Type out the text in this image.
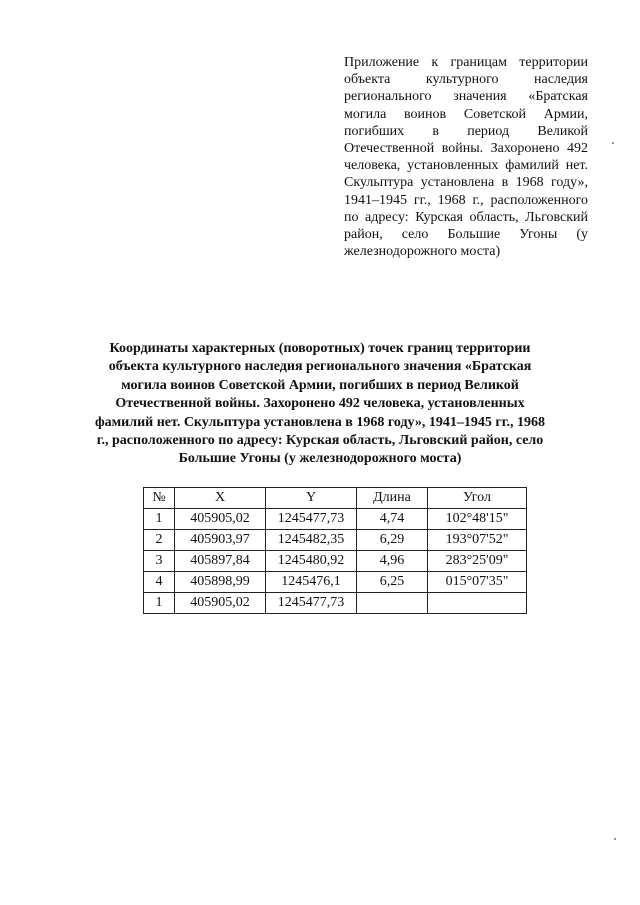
Приложение к границам территории объекта культурного наследия регионального значения «Братская могила воинов Советской Армии, погибших в период Великой Отечественной войны. Захоронено 492 человека, установленных фамилий нет. Скульптура установлена в 1968 году», 1941–1945 гг., 1968 г., расположенного по адресу: Курская область, Льговский район, село Большие Угоны (у железнодорожного моста)
Координаты характерных (поворотных) точек границ территории объекта культурного наследия регионального значения «Братская могила воинов Советской Армии, погибших в период Великой Отечественной войны. Захоронено 492 человека, установленных фамилий нет. Скульптура установлена в 1968 году», 1941–1945 гг., 1968 г., расположенного по адресу: Курская область, Льговский район, село Большие Угоны (у железнодорожного моста)
№	X	Y	Длина	Угол
1	405905,02	1245477,73	4,74	102°48'15"
2	405903,97	1245482,35	6,29	193°07'52"
3	405897,84	1245480,92	4,96	283°25'09"
4	405898,99	1245476,1	6,25	015°07'35"
1	405905,02	1245477,73		
